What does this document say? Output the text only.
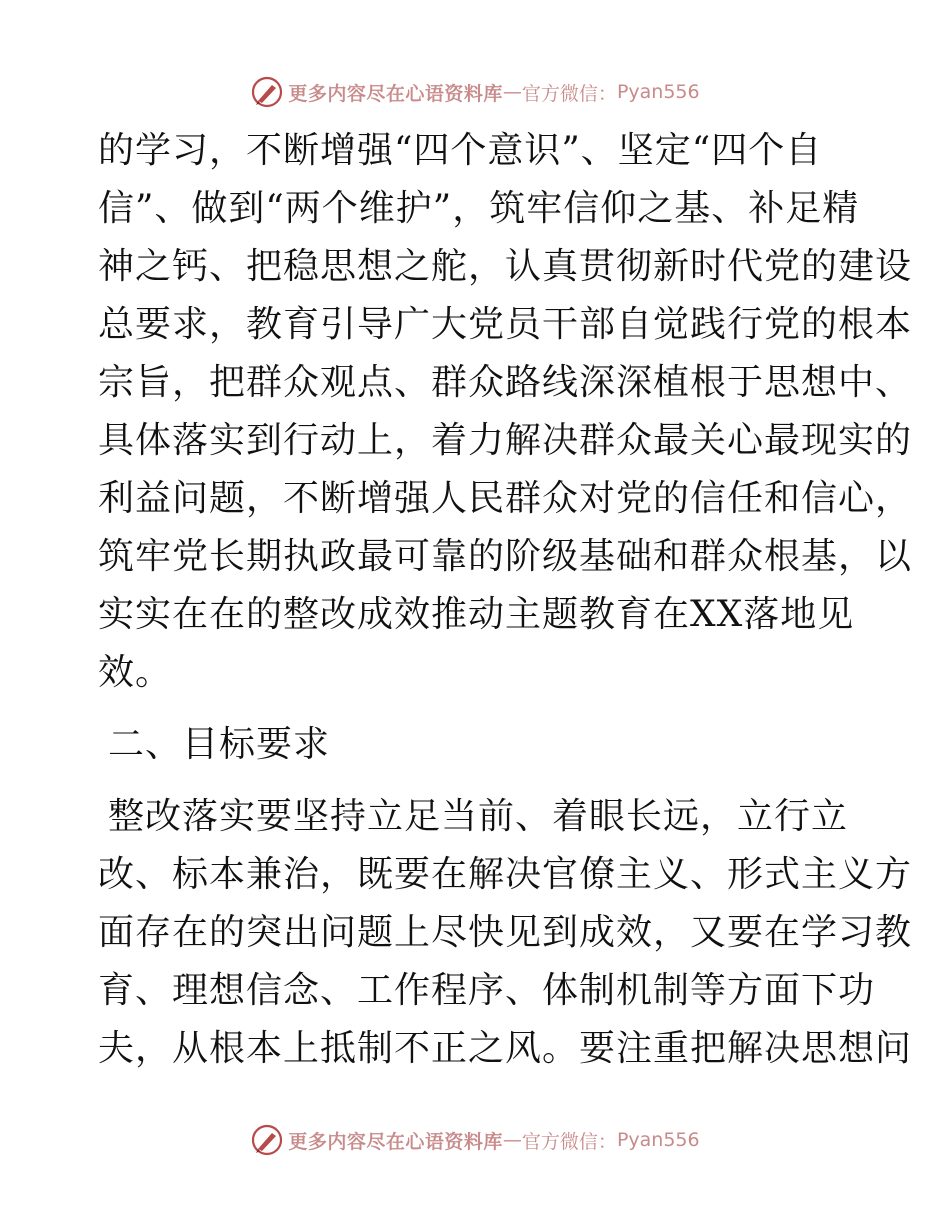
更多内容尽在心语资料库 — 官方微信： Pyan556
的学习，不断增强“四个意识”、坚定“四个自
信”、做到“两个维护”，筑牢信仰之基、补足精
神之钙、把稳思想之舵，认真贯彻新时代党的建设
总要求，教育引导广大党员干部自觉践行党的根本
宗旨，把群众观点、群众路线深深植根于思想中、
具体落实到行动上，着力解决群众最关心最现实的
利益问题，不断增强人民群众对党的信任和信心，
筑牢党长期执政最可靠的阶级基础和群众根基，以
实实在在的整改成效推动主题教育在XX落地见
效。
二、目标要求
整改落实要坚持立足当前、着眼长远，立行立
改、标本兼治，既要在解决官僚主义、形式主义方
面存在的突出问题上尽快见到成效，又要在学习教
育、理想信念、工作程序、体制机制等方面下功
夫，从根本上抵制不正之风。要注重把解决思想问
更多内容尽在心语资料库 — 官方微信： Pyan556
